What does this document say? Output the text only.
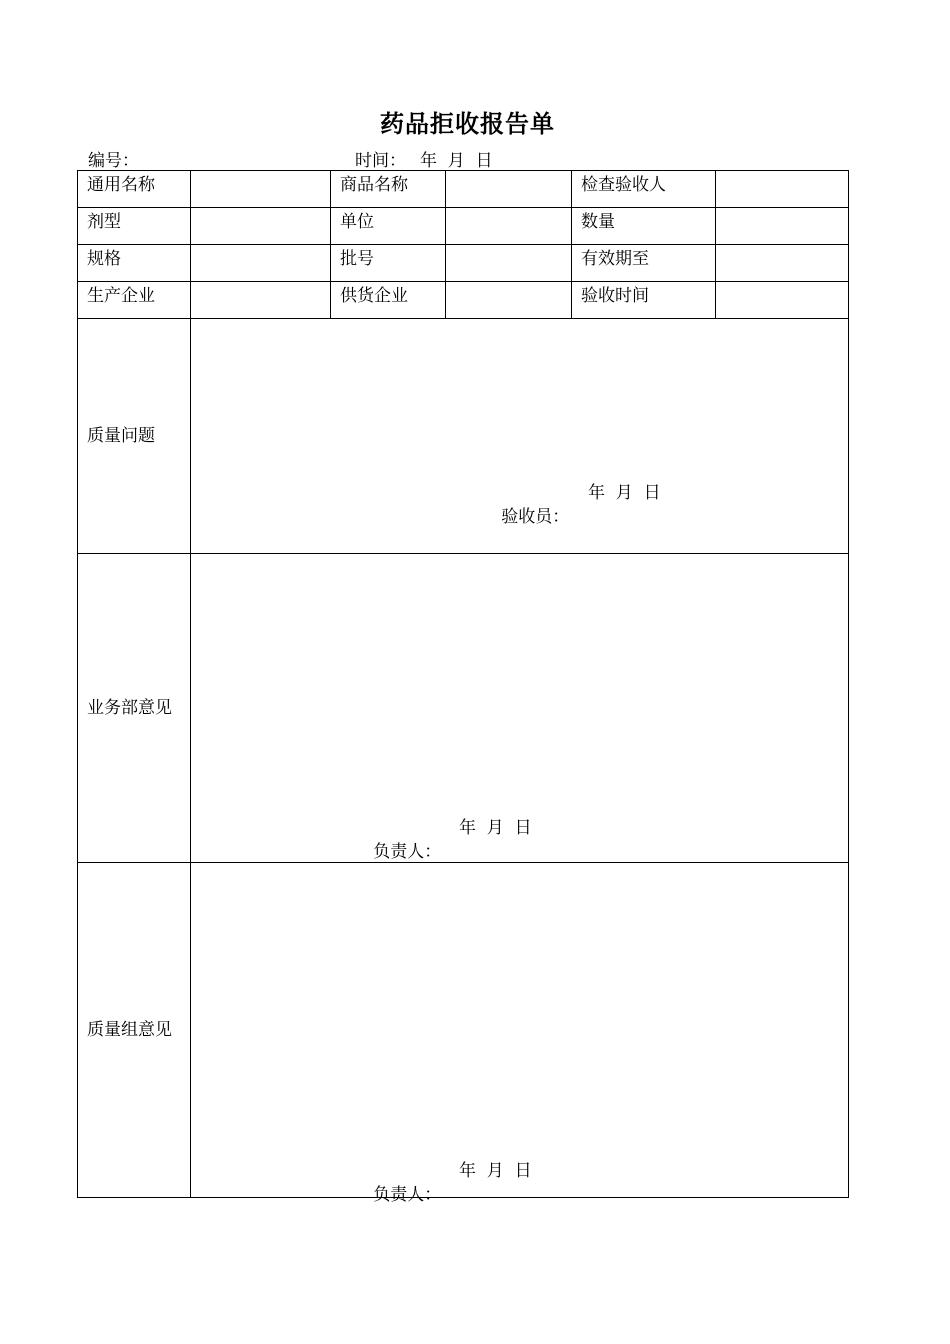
药品拒收报告单
编号：	时间： 年  月  日
通用名称		商品名称		检查验收人	
剂型		单位		数量	
规格		批号		有效期至	
生产企业		供货企业		验收时间	
质量问题	验收员：

年  月  日				

业务部意见	负责人：

年  月  日				

质量组意见	负责人：

年  月  日				
